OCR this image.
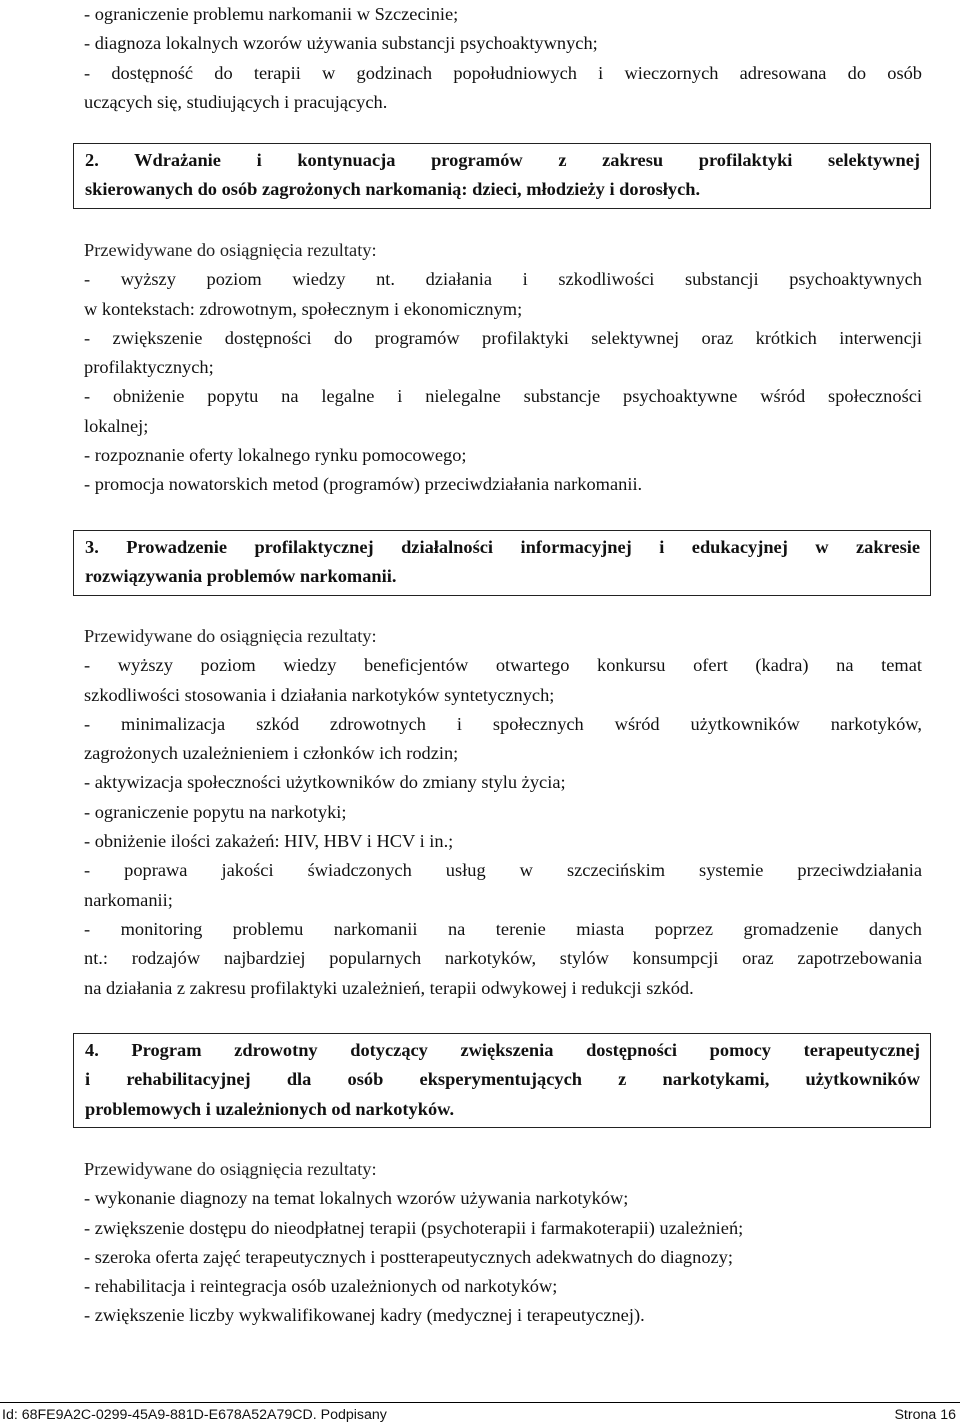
- ograniczenie problemu narkomanii w Szczecinie;
- diagnoza lokalnych wzorów używania substancji psychoaktywnych;
- dostępność do terapii w godzinach popołudniowych i wieczornych adresowana do osób
uczących się, studiujących i pracujących.
2. Wdrażanie i kontynuacja programów z zakresu profilaktyki selektywnej
skierowanych do osób zagrożonych narkomanią: dzieci, młodzieży i dorosłych.
Przewidywane do osiągnięcia rezultaty:
- wyższy poziom wiedzy nt. działania i szkodliwości substancji psychoaktywnych
w kontekstach: zdrowotnym, społecznym i ekonomicznym;
- zwiększenie dostępności do programów profilaktyki selektywnej oraz krótkich interwencji
profilaktycznych;
- obniżenie popytu na legalne i nielegalne substancje psychoaktywne wśród społeczności
lokalnej;
- rozpoznanie oferty lokalnego rynku pomocowego;
- promocja nowatorskich metod (programów) przeciwdziałania narkomanii.
3. Prowadzenie profilaktycznej działalności informacyjnej i edukacyjnej w zakresie
rozwiązywania problemów narkomanii.
Przewidywane do osiągnięcia rezultaty:
- wyższy poziom wiedzy beneficjentów otwartego konkursu ofert (kadra) na temat
szkodliwości stosowania i działania narkotyków syntetycznych;
- minimalizacja szkód zdrowotnych i społecznych wśród użytkowników narkotyków,
zagrożonych uzależnieniem i członków ich rodzin;
- aktywizacja społeczności użytkowników do zmiany stylu życia;
- ograniczenie popytu na narkotyki;
- obniżenie ilości zakażeń: HIV, HBV i HCV i in.;
- poprawa jakości świadczonych usług w szczecińskim systemie przeciwdziałania
narkomanii;
- monitoring problemu narkomanii na terenie miasta poprzez gromadzenie danych
nt.: rodzajów najbardziej popularnych narkotyków, stylów konsumpcji oraz zapotrzebowania
na działania z zakresu profilaktyki uzależnień, terapii odwykowej i redukcji szkód.
4. Program zdrowotny dotyczący zwiększenia dostępności pomocy terapeutycznej
i rehabilitacyjnej dla osób eksperymentujących z narkotykami, użytkowników
problemowych i uzależnionych od narkotyków.
Przewidywane do osiągnięcia rezultaty:
- wykonanie diagnozy na temat lokalnych wzorów używania narkotyków;
- zwiększenie dostępu do nieodpłatnej terapii (psychoterapii i farmakoterapii) uzależnień;
- szeroka oferta zajęć terapeutycznych i postterapeutycznych adekwatnych do diagnozy;
- rehabilitacja i reintegracja osób uzależnionych od narkotyków;
- zwiększenie liczby wykwalifikowanej kadry (medycznej i terapeutycznej).
Id: 68FE9A2C-0299-45A9-881D-E678A52A79CD. Podpisany	Strona 16
